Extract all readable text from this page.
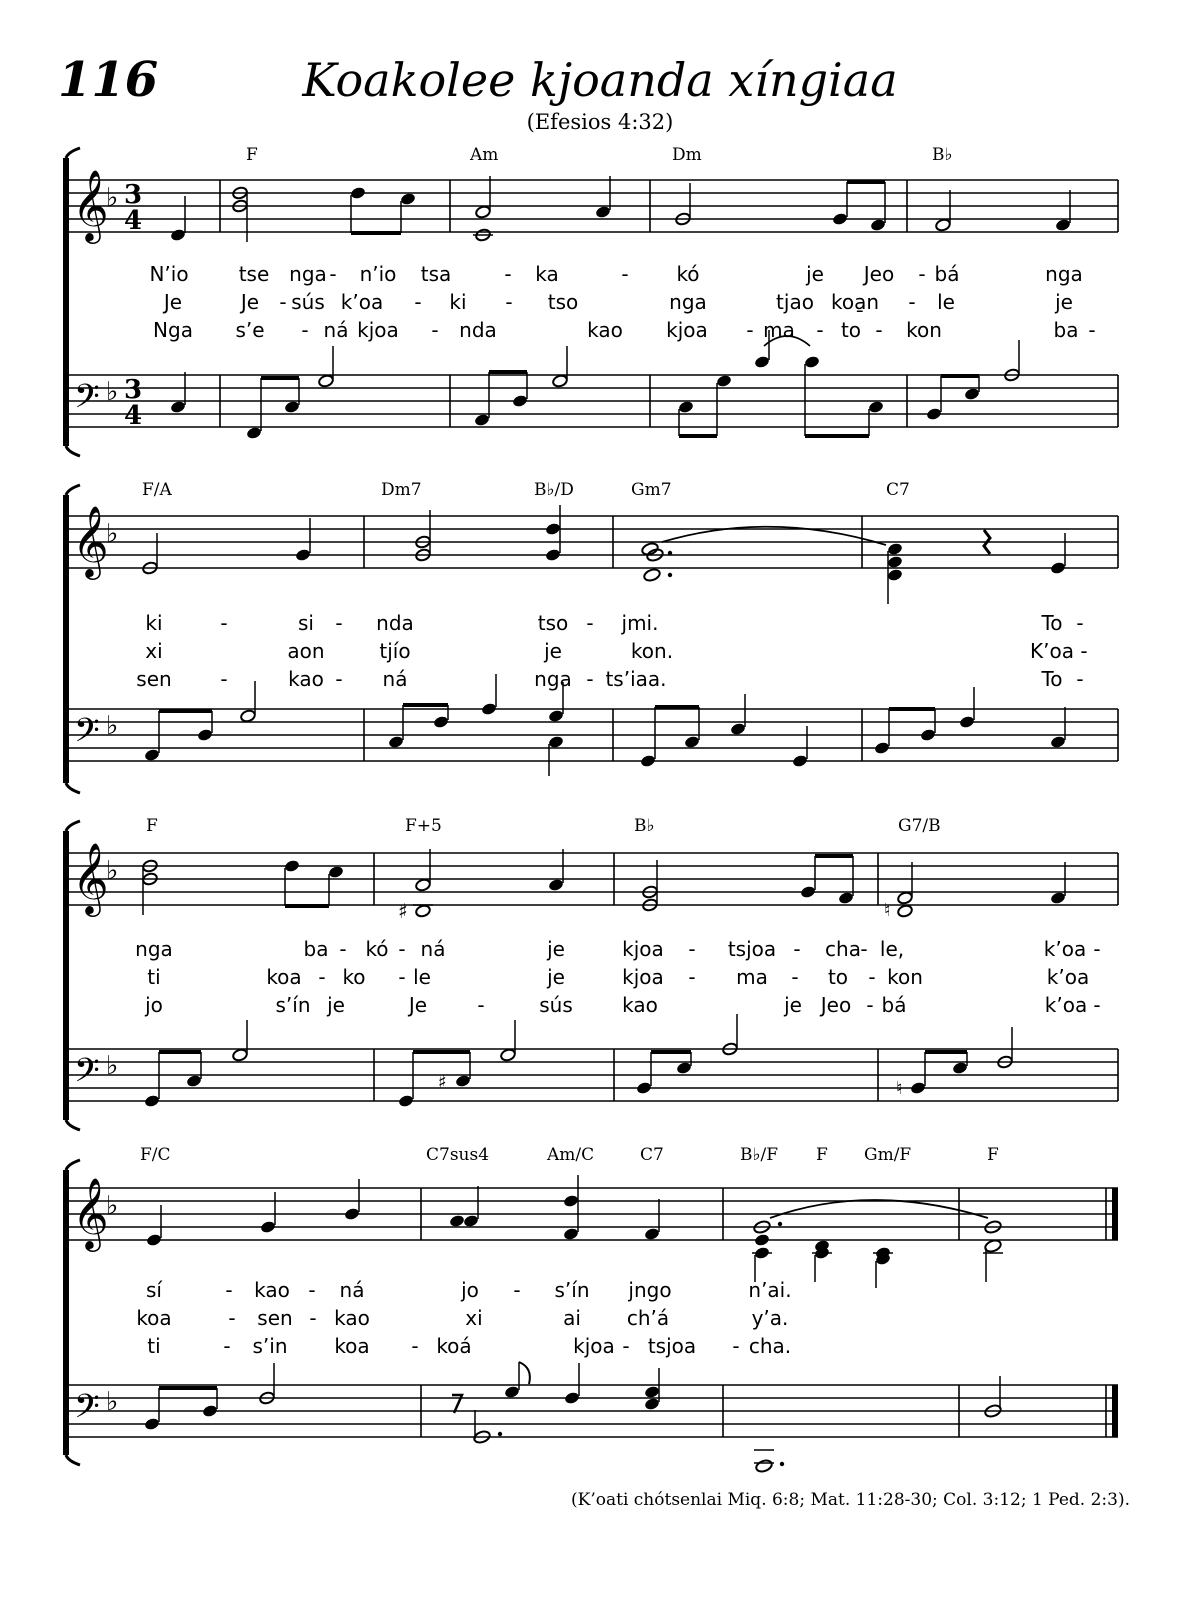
116	Koakolee kjoanda xíngiaa
(Efesios 4:32)
𝄞
𝄢
♭
♭
3
4
3
4
F	Am	Dm	B♭
N’io	tse nga - n’io tsa	- ka	- kó	je Jeo - bá	nga
Je	Je - sús k’oa - ki - tso	nga	tjao koa̱n - le	je
Nga s’e - ná kjoa - nda	kao kjoa - ma - to - kon	ba -
𝄞
𝄢
♭
♭
F/A	Dm7	B♭/D	Gm7	C7
ki	-	si - nda	tso - jmi.	To -
xi	aon	tjío	je	kon.	K’oa -
sen -	kao - ná	nga - ts’iaa.	To -
𝄞
𝄢
♭
♭
F	F+5	B♭	G7/B
♯	♮
♯	♮
nga	ba - kó - ná	je	kjoa - tsjoa - cha - le,	k’oa -
ti	koa - ko - le	je	kjoa - ma - to - kon	k’oa
jo	s’ín je	Je	-	sús kao	je Jeo - bá	k’oa -
𝄞
𝄢
♭
♭
F/C	C7sus4	Am/C	C7	B♭/F F Gm/F	F
sí	- kao - ná	jo - s’ín jngo	n’ai.
koa	- sen - kao	xi	ai ch’á	y’a.
ti	- s’in koa - koá	kjoa - tsjoa - cha.
(K’oati chótsenlai Miq. 6:8; Mat. 11:28-30; Col. 3:12; 1 Ped. 2:3).
